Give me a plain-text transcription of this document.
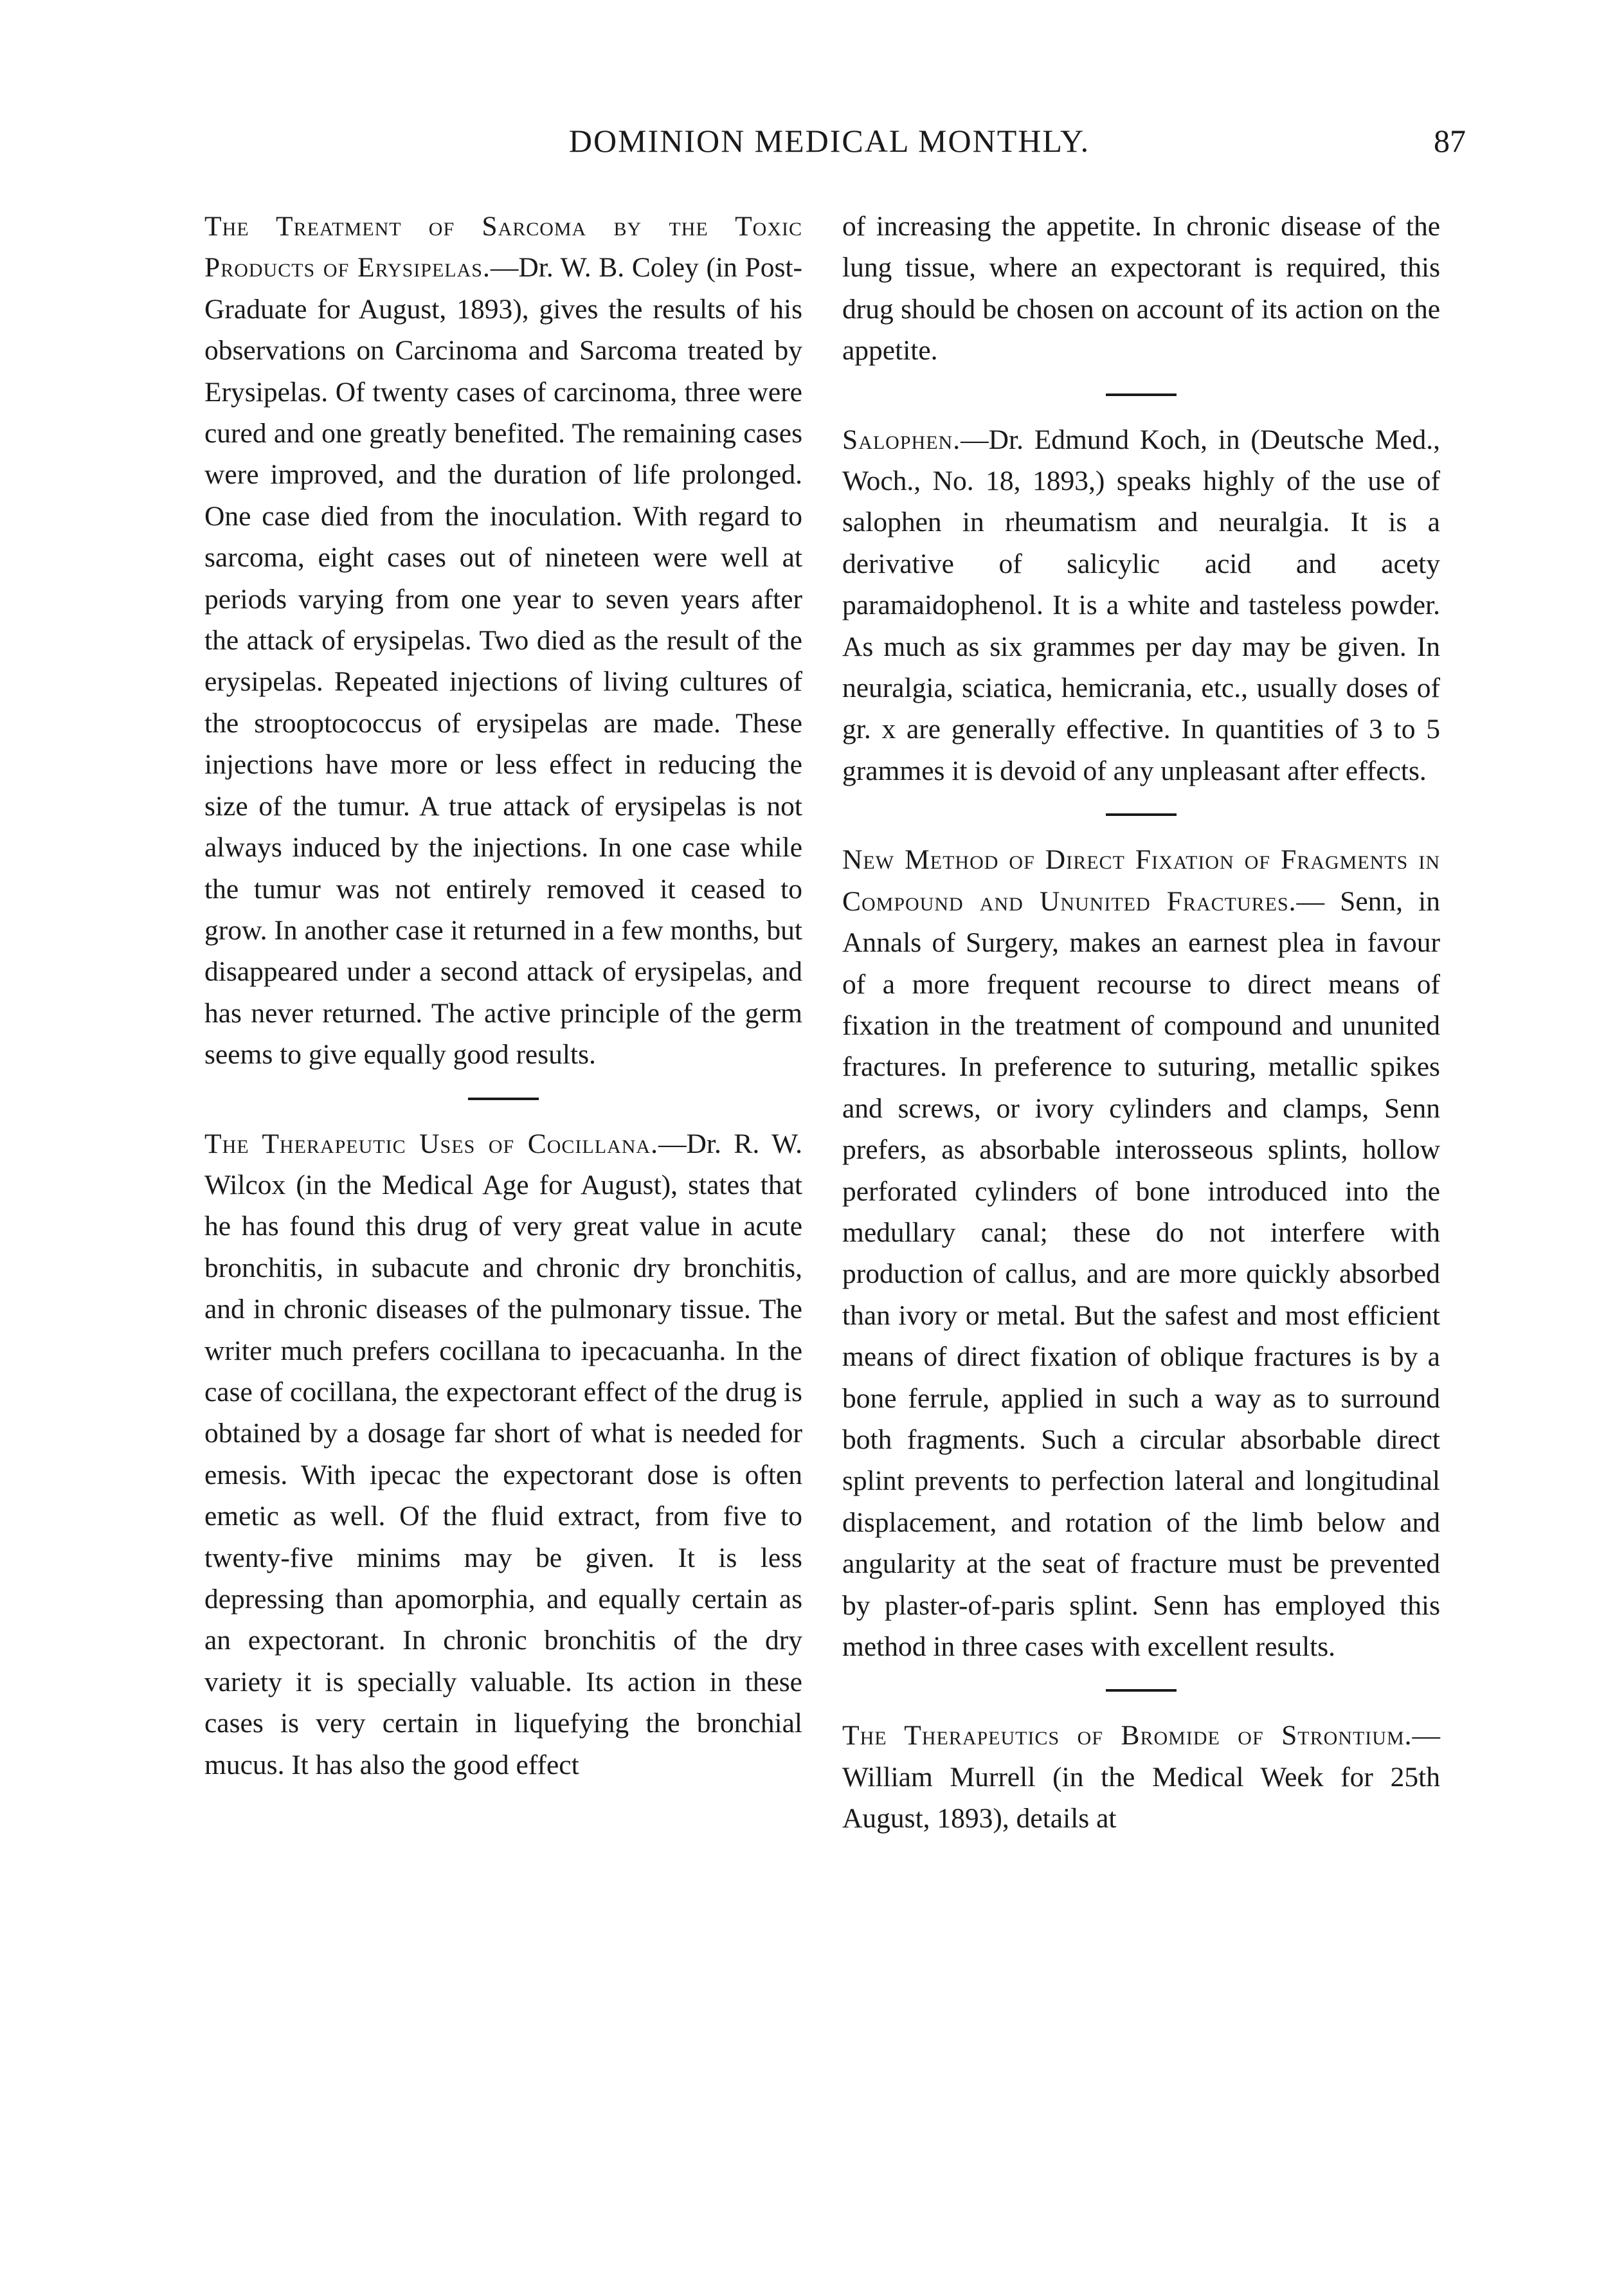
DOMINION MEDICAL MONTHLY.	87

The Treatment of Sarcoma by the Toxic Products of Erysipelas.—Dr. W. B. Coley (in Post-Graduate for August, 1893), gives the results of his observations on Carcinoma and Sarcoma treated by Erysipelas. Of twenty cases of carcinoma, three were cured and one greatly benefited. The remaining cases were improved, and the duration of life prolonged. One case died from the inoculation. With regard to sarcoma, eight cases out of nineteen were well at periods varying from one year to seven years after the attack of erysipelas. Two died as the result of the erysipelas. Repeated injections of living cultures of the strooptococcus of erysipelas are made. These injections have more or less effect in reducing the size of the tumur. A true attack of erysipelas is not always induced by the injections. In one case while the tumur was not entirely removed it ceased to grow. In another case it returned in a few months, but disappeared under a second attack of erysipelas, and has never returned. The active principle of the germ seems to give equally good results.

The Therapeutic Uses of Cocillana.—Dr. R. W. Wilcox (in the Medical Age for August), states that he has found this drug of very great value in acute bronchitis, in subacute and chronic dry bronchitis, and in chronic diseases of the pulmonary tissue. The writer much prefers cocillana to ipecacuanha. In the case of cocillana, the expectorant effect of the drug is obtained by a dosage far short of what is needed for emesis. With ipecac the expectorant dose is often emetic as well. Of the fluid extract, from five to twenty-five minims may be given. It is less depressing than apomorphia, and equally certain as an expectorant. In chronic bronchitis of the dry variety it is specially valuable. Its action in these cases is very certain in liquefying the bronchial mucus. It has also the good effect

of increasing the appetite. In chronic disease of the lung tissue, where an expectorant is required, this drug should be chosen on account of its action on the appetite.

Salophen.—Dr. Edmund Koch, in (Deutsche Med., Woch., No. 18, 1893,) speaks highly of the use of salophen in rheumatism and neuralgia. It is a derivative of salicylic acid and acety paramaidophenol. It is a white and tasteless powder. As much as six grammes per day may be given. In neuralgia, sciatica, hemicrania, etc., usually doses of gr. x are generally effective. In quantities of 3 to 5 grammes it is devoid of any unpleasant after effects.

New Method of Direct Fixation of Fragments in Compound and Ununited Fractures.— Senn, in Annals of Surgery, makes an earnest plea in favour of a more frequent recourse to direct means of fixation in the treatment of compound and ununited fractures. In preference to suturing, metallic spikes and screws, or ivory cylinders and clamps, Senn prefers, as absorbable interosseous splints, hollow perforated cylinders of bone introduced into the medullary canal; these do not interfere with production of callus, and are more quickly absorbed than ivory or metal. But the safest and most efficient means of direct fixation of oblique fractures is by a bone ferrule, applied in such a way as to surround both fragments. Such a circular absorbable direct splint prevents to perfection lateral and longitudinal displacement, and rotation of the limb below and angularity at the seat of fracture must be prevented by plaster-of-paris splint. Senn has employed this method in three cases with excellent results.

The Therapeutics of Bromide of Strontium.—William Murrell (in the Medical Week for 25th August, 1893), details at
